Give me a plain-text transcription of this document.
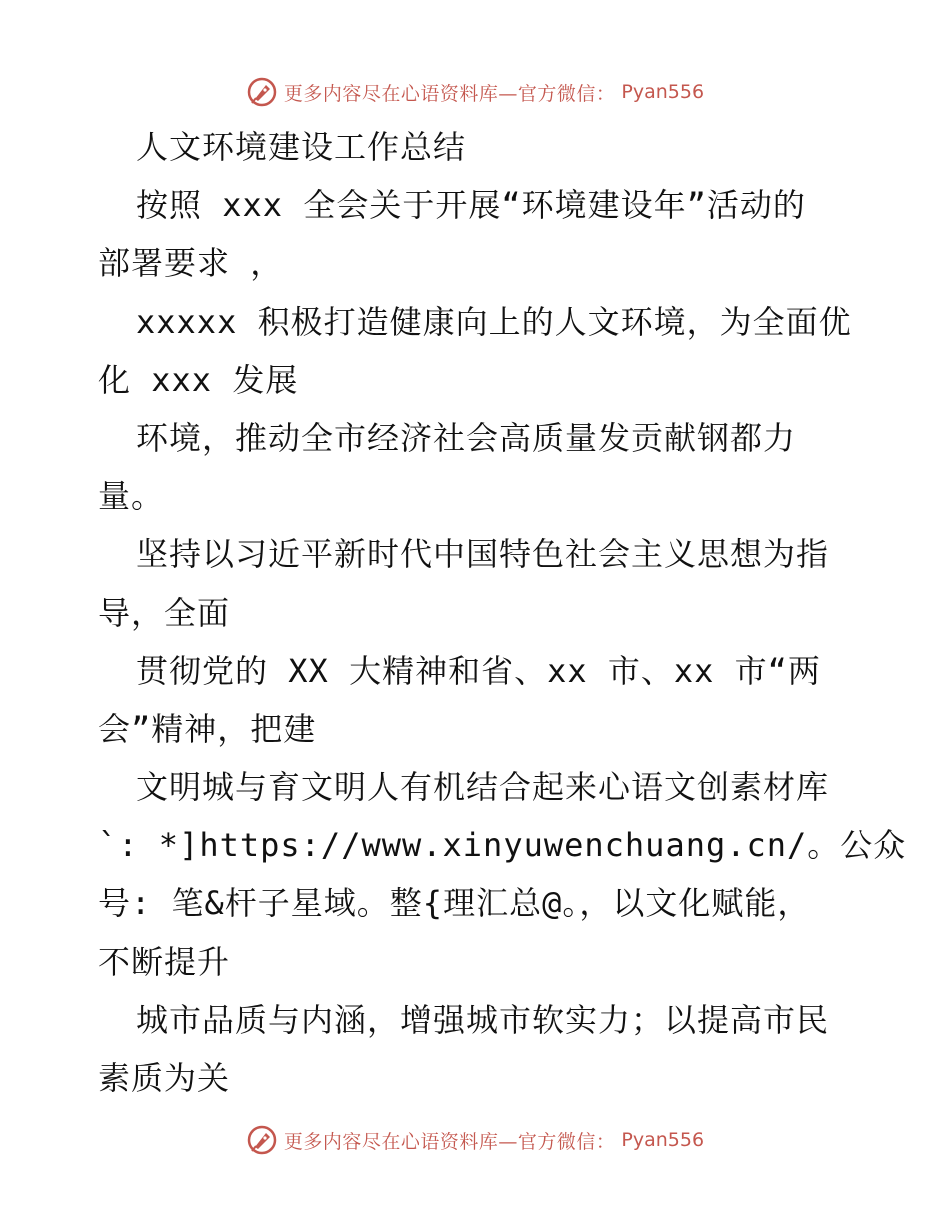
更多内容尽在心语资料库—官方微信： Pyan556
人文环境建设工作总结
按照 xxx 全会关于开展“环境建设年”活动的
部署要求 ，
xxxxx 积极打造健康向上的人文环境，为全面优
化 xxx 发展
环境，推动全市经济社会高质量发贡献钢都力
量。
坚持以习近平新时代中国特色社会主义思想为指
导，全面
贯彻党的 XX 大精神和省、xx 市、xx 市“两
会”精神，把建
文明城与育文明人有机结合起来心语文创素材库
`: *]https://www.xinyuwenchuang.cn/。公众
号: 笔&杆子星域。整{理汇总@。，以文化赋能，
不断提升
城市品质与内涵，增强城市软实力；以提高市民
素质为关
更多内容尽在心语资料库—官方微信： Pyan556
